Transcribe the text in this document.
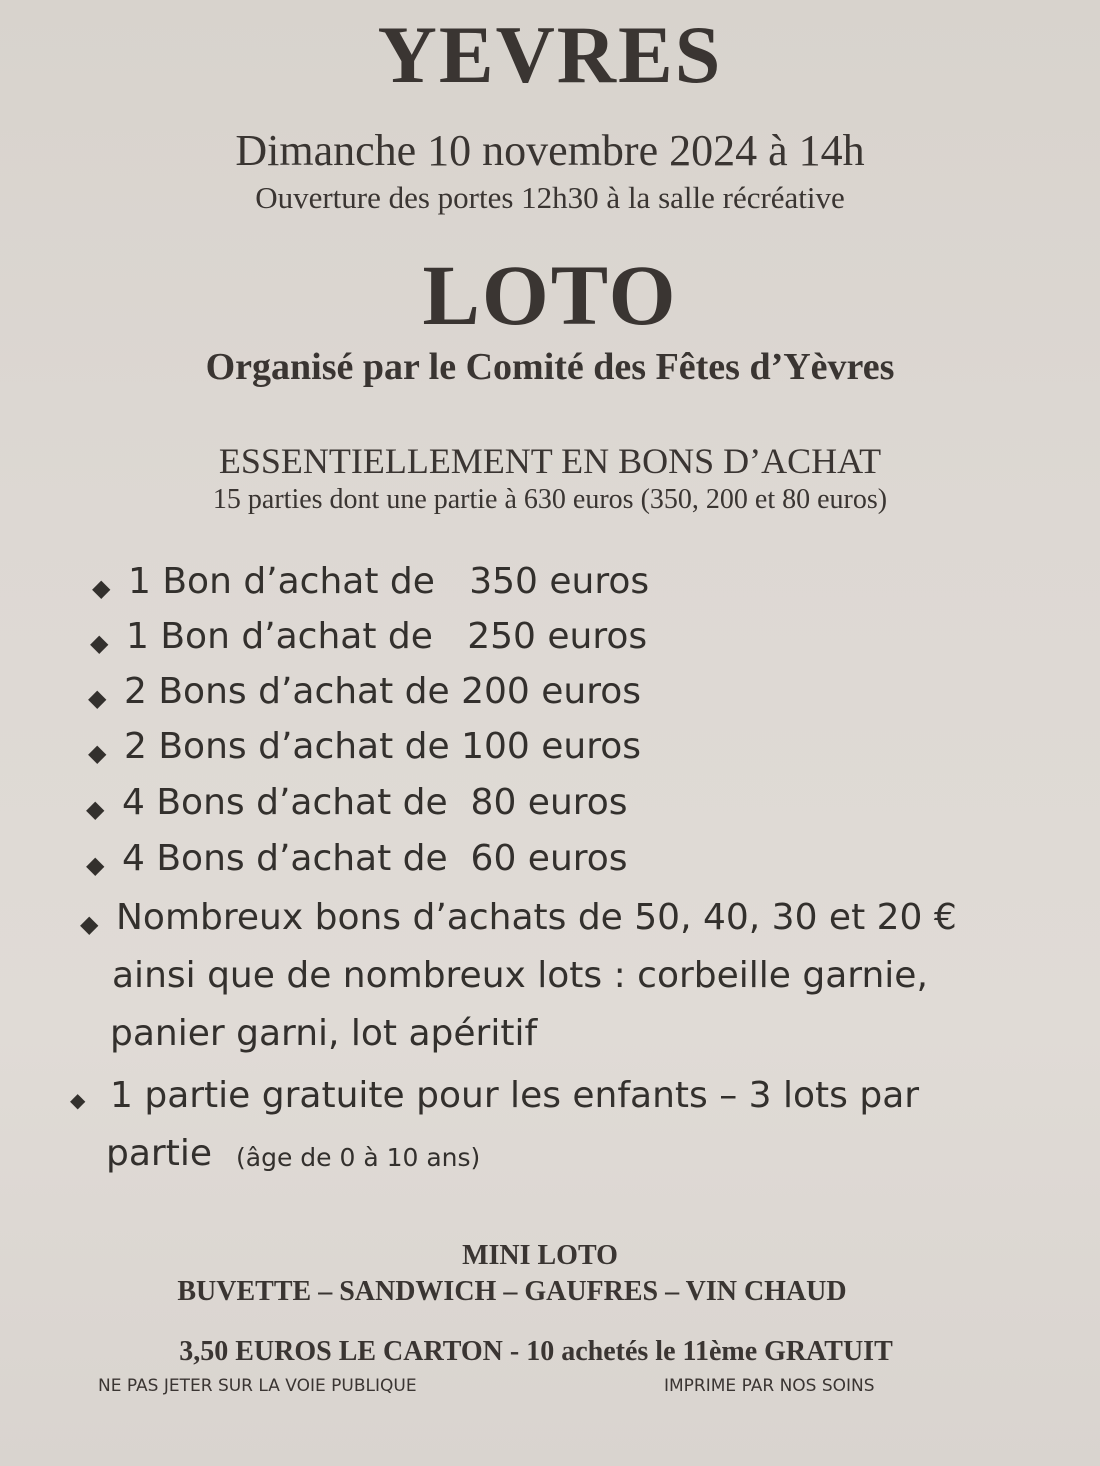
YEVRES
Dimanche 10 novembre 2024 à 14h
Ouverture des portes 12h30 à la salle récréative
LOTO
Organisé par le Comité des Fêtes d’Yèvres
ESSENTIELLEMENT EN BONS D’ACHAT
15 parties dont une partie à 630 euros (350, 200 et 80 euros)
◆ 1 Bon d’achat de   350 euros
◆ 1 Bon d’achat de   250 euros
◆ 2 Bons d’achat de 200 euros
◆ 2 Bons d’achat de 100 euros
◆ 4 Bons d’achat de  80 euros
◆ 4 Bons d’achat de  60 euros
◆ Nombreux bons d’achats de 50, 40, 30 et 20 €
ainsi que de nombreux lots : corbeille garnie,
panier garni, lot apéritif
◆ 1 partie gratuite pour les enfants – 3 lots par
partie (âge de 0 à 10 ans)
MINI LOTO
BUVETTE – SANDWICH – GAUFRES – VIN CHAUD
3,50 EUROS LE CARTON - 10 achetés le 11ème GRATUIT
NE PAS JETER SUR LA VOIE PUBLIQUE	IMPRIME PAR NOS SOINS
